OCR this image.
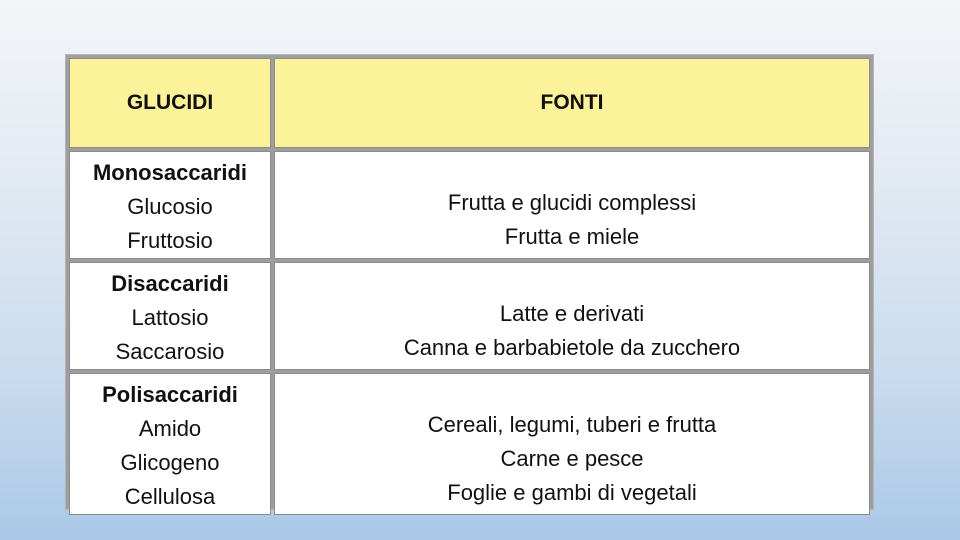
GLUCIDI	FONTI

Monosaccaridi
Glucosio
Fruttosio	Frutta e glucidi complessi
Frutta e miele

Disaccaridi
Lattosio
Saccarosio	Latte e derivati
Canna e barbabietole da zucchero

Polisaccaridi
Amido
Glicogeno
Cellulosa	Cereali, legumi, tuberi e frutta
Carne e pesce
Foglie e gambi di vegetali
